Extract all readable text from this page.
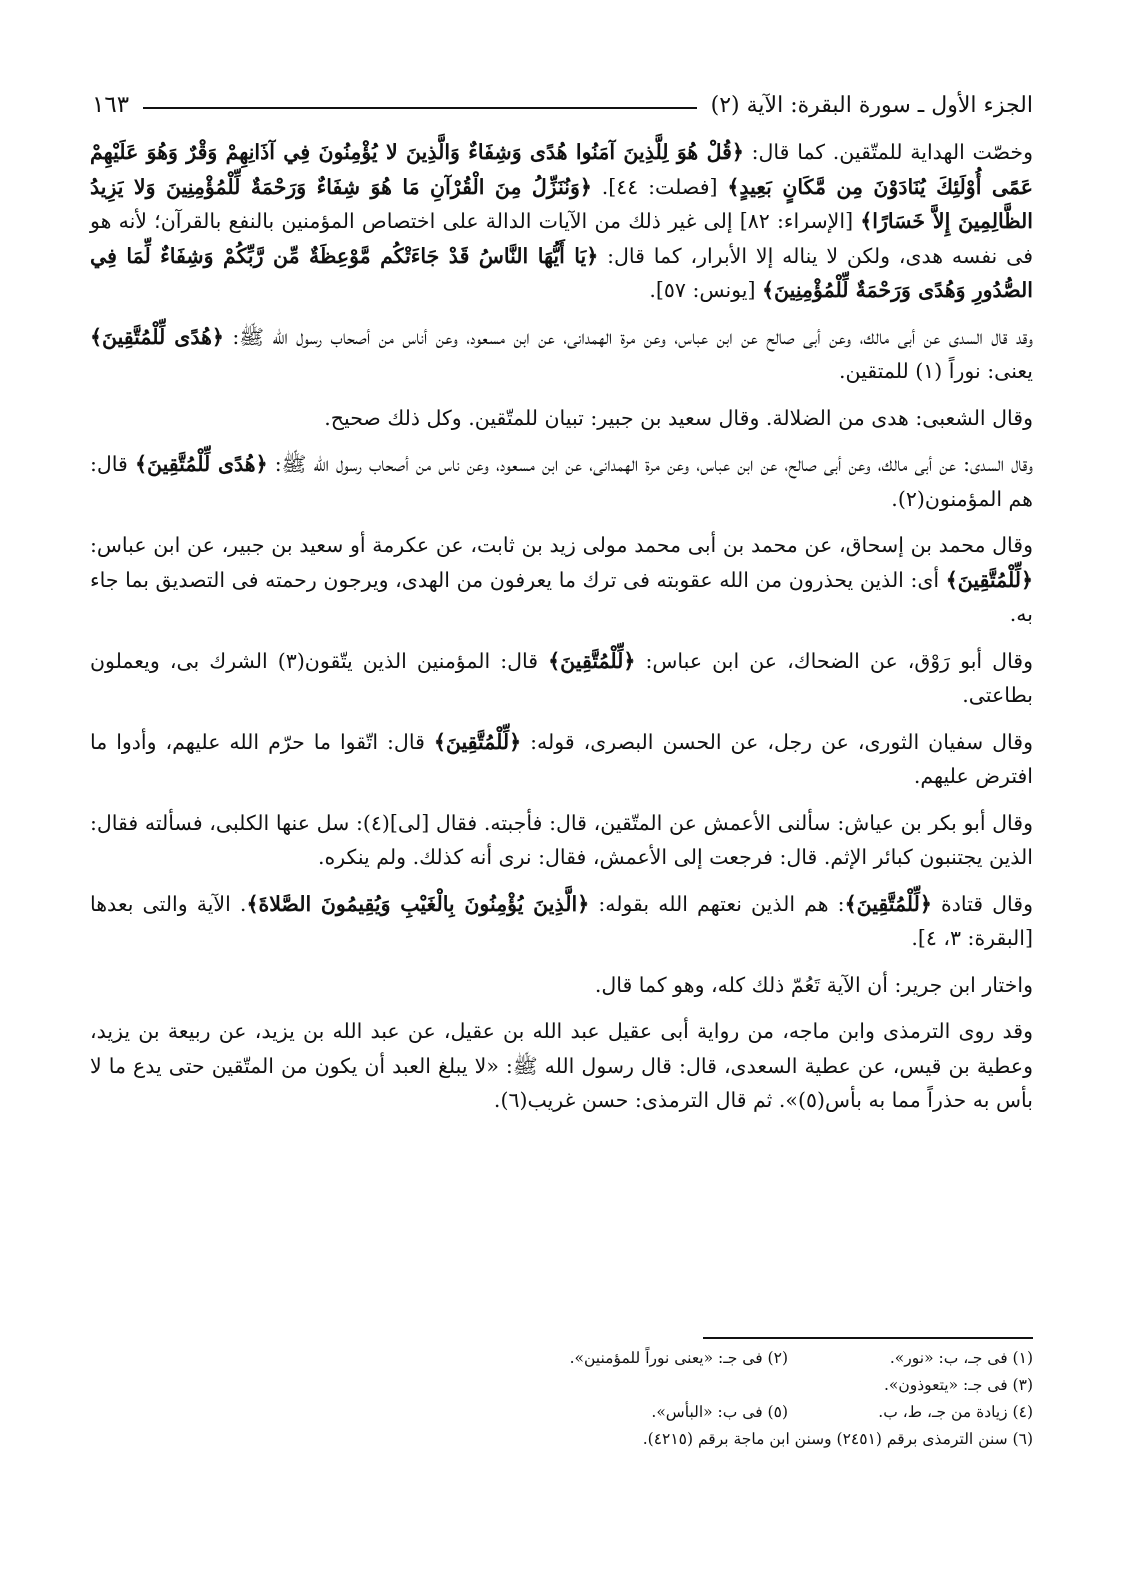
الجزء الأول ـ سورة البقرة: الآية (٢)
١٦٣

وخصّت الهداية للمتّقين. كما قال: ﴿قُلْ هُوَ لِلَّذِينَ آمَنُوا هُدًى وَشِفَاءٌ وَالَّذِينَ لا يُؤْمِنُونَ فِي آذَانِهِمْ وَقْرٌ وَهُوَ عَلَيْهِمْ عَمًى أُوْلَئِكَ يُنَادَوْنَ مِن مَّكَانٍ بَعِيدٍ﴾ [فصلت: ٤٤]. ﴿وَنُنَزِّلُ مِنَ الْقُرْآنِ مَا هُوَ شِفَاءٌ وَرَحْمَةٌ لِّلْمُؤْمِنِينَ وَلا يَزِيدُ الظَّالِمِينَ إِلاَّ خَسَارًا﴾ [الإسراء: ٨٢] إلى غير ذلك من الآيات الدالة على اختصاص المؤمنين بالنفع بالقرآن؛ لأنه هو فى نفسه هدى، ولكن لا يناله إلا الأبرار، كما قال: ﴿يَا أَيُّهَا النَّاسُ قَدْ جَاءَتْكُم مَّوْعِظَةٌ مِّن رَّبِّكُمْ وَشِفَاءٌ لِّمَا فِي الصُّدُورِ وَهُدًى وَرَحْمَةٌ لِّلْمُؤْمِنِينَ﴾ [يونس: ٥٧].

وقد قال السدى عن أبى مالك، وعن أبى صالح عن ابن عباس، وعن مرة الهمدانى، عن ابن مسعود، وعن أناس من أصحاب رسول الله ﷺ: ﴿هُدًى لِّلْمُتَّقِينَ﴾ يعنى: نوراً (١) للمتقين.

وقال الشعبى: هدى من الضلالة. وقال سعيد بن جبير: تبيان للمتّقين. وكل ذلك صحيح.

وقال السدى: عن أبى مالك، وعن أبى صالح، عن ابن عباس، وعن مرة الهمدانى، عن ابن مسعود، وعن ناس من أصحاب رسول الله ﷺ: ﴿هُدًى لِّلْمُتَّقِينَ﴾ قال: هم المؤمنون(٢).

وقال محمد بن إسحاق، عن محمد بن أبى محمد مولى زيد بن ثابت، عن عكرمة أو سعيد بن جبير، عن ابن عباس: ﴿لِّلْمُتَّقِينَ﴾ أى: الذين يحذرون من الله عقوبته فى ترك ما يعرفون من الهدى، ويرجون رحمته فى التصديق بما جاء به.

وقال أبو رَوْق، عن الضحاك، عن ابن عباس: ﴿لِّلْمُتَّقِينَ﴾ قال: المؤمنين الذين يتّقون(٣) الشرك بى، ويعملون بطاعتى.

وقال سفيان الثورى، عن رجل، عن الحسن البصرى، قوله: ﴿لِّلْمُتَّقِينَ﴾ قال: اتّقوا ما حرّم الله عليهم، وأدوا ما افترض عليهم.

وقال أبو بكر بن عياش: سألنى الأعمش عن المتّقين، قال: فأجبته. فقال [لى](٤): سل عنها الكلبى، فسألته فقال: الذين يجتنبون كبائر الإثم. قال: فرجعت إلى الأعمش، فقال: نرى أنه كذلك. ولم ينكره.

وقال قتادة ﴿لِّلْمُتَّقِينَ﴾: هم الذين نعتهم الله بقوله: ﴿الَّذِينَ يُؤْمِنُونَ بِالْغَيْبِ وَيُقِيمُونَ الصَّلاةَ﴾. الآية والتى بعدها [البقرة: ٣، ٤].

واختار ابن جرير: أن الآية تَعُمّ ذلك كله، وهو كما قال.

وقد روى الترمذى وابن ماجه، من رواية أبى عقيل عبد الله بن عقيل، عن عبد الله بن يزيد، عن ربيعة بن يزيد، وعطية بن قيس، عن عطية السعدى، قال: قال رسول الله ﷺ: «لا يبلغ العبد أن يكون من المتّقين حتى يدع ما لا بأس به حذراً مما به بأس(٥)». ثم قال الترمذى: حسن غريب(٦).

(١) فى جـ، ب: «نور».
(٢) فى جـ: «يعنى نوراً للمؤمنين».
(٣) فى جـ: «يتعوذون».
(٤) زيادة من جـ، ط، ب.
(٥) فى ب: «البأس».
(٦) سنن الترمذى برقم (٢٤٥١) وسنن ابن ماجة برقم (٤٢١٥).
